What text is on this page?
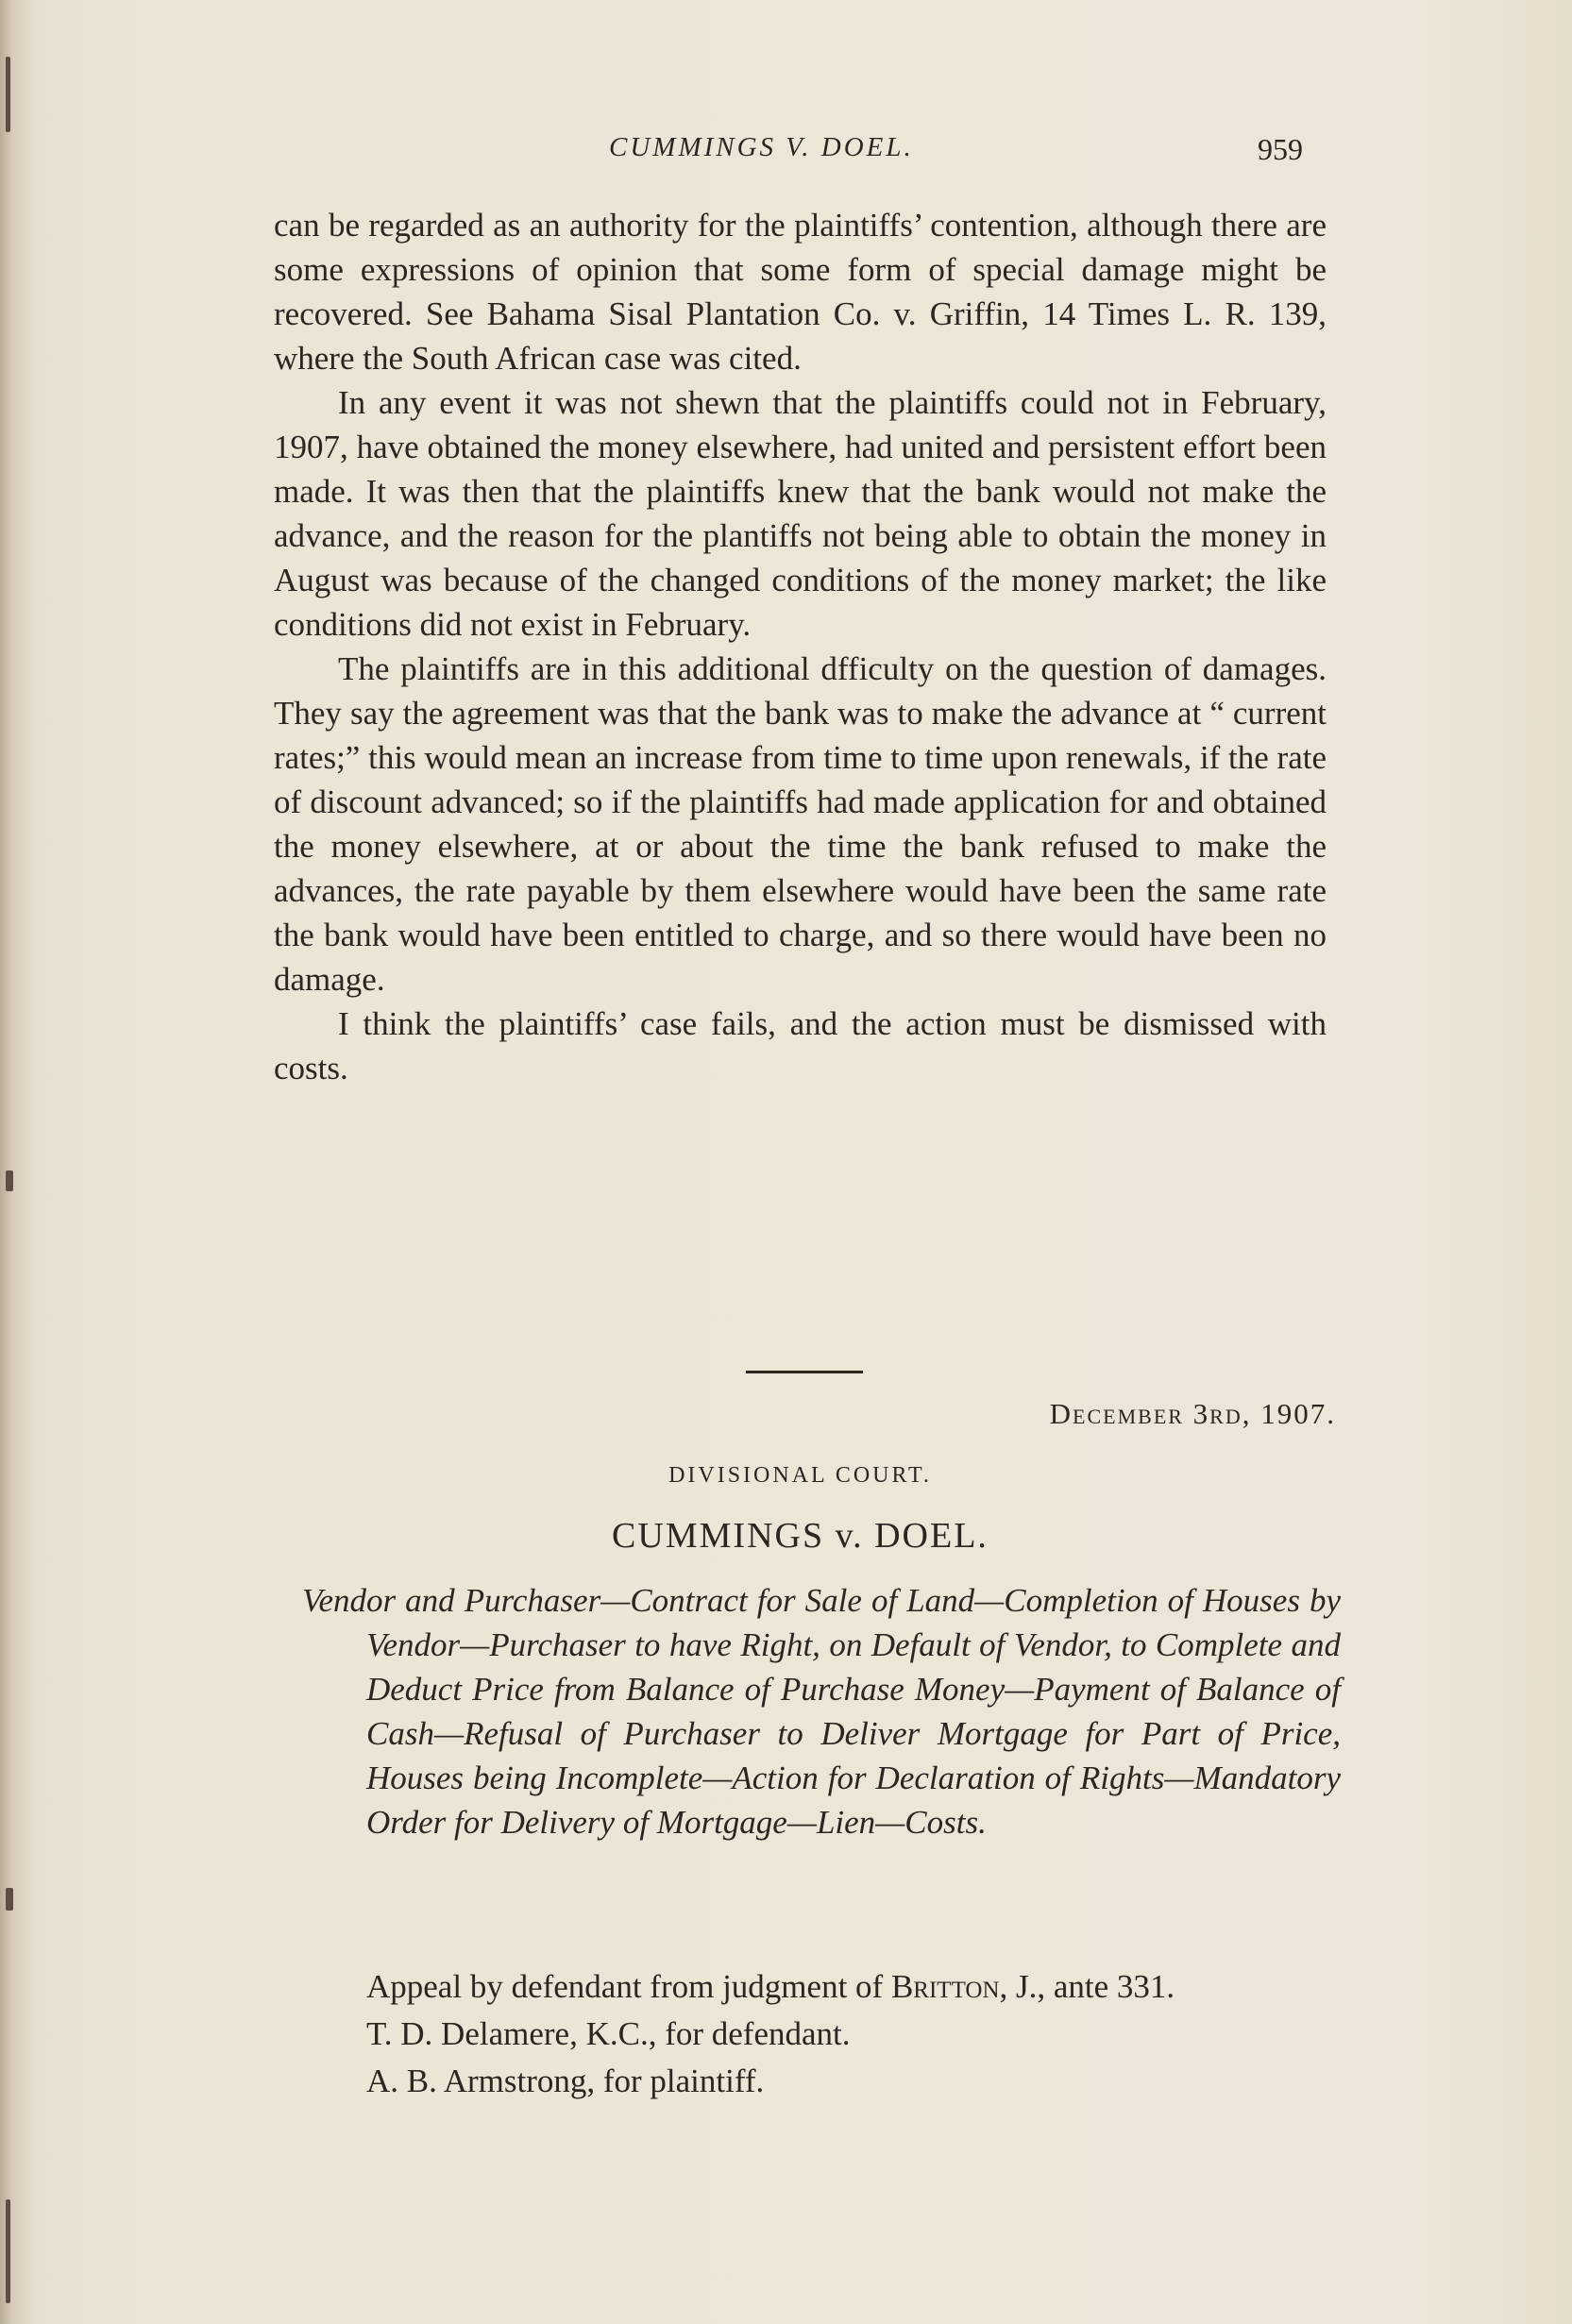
CUMMINGS V. DOEL.	959

can be regarded as an authority for the plaintiffs’ contention, although there are some expressions of opinion that some form of special damage might be recovered. See Bahama Sisal Plantation Co. v. Griffin, 14 Times L. R. 139, where the South African case was cited.

In any event it was not shewn that the plaintiffs could not in February, 1907, have obtained the money elsewhere, had united and persistent effort been made. It was then that the plaintiffs knew that the bank would not make the advance, and the reason for the plantiffs not being able to obtain the money in August was because of the changed conditions of the money market; the like conditions did not exist in February.

The plaintiffs are in this additional dfficulty on the question of damages. They say the agreement was that the bank was to make the advance at “ current rates;” this would mean an increase from time to time upon renewals, if the rate of discount advanced; so if the plaintiffs had made application for and obtained the money elsewhere, at or about the time the bank refused to make the advances, the rate payable by them elsewhere would have been the same rate the bank would have been entitled to charge, and so there would have been no damage.

I think the plaintiffs’ case fails, and the action must be dismissed with costs.

December 3rd, 1907.
DIVISIONAL COURT.
CUMMINGS v. DOEL.
Vendor and Purchaser—Contract for Sale of Land—Completion of Houses by Vendor—Purchaser to have Right, on Default of Vendor, to Complete and Deduct Price from Balance of Purchase Money—Payment of Balance of Cash—Refusal of Purchaser to Deliver Mortgage for Part of Price, Houses being Incomplete—Action for Declaration of Rights—Mandatory Order for Delivery of Mortgage—Lien—Costs.

Appeal by defendant from judgment of Britton, J., ante 331.

T. D. Delamere, K.C., for defendant.

A. B. Armstrong, for plaintiff.
